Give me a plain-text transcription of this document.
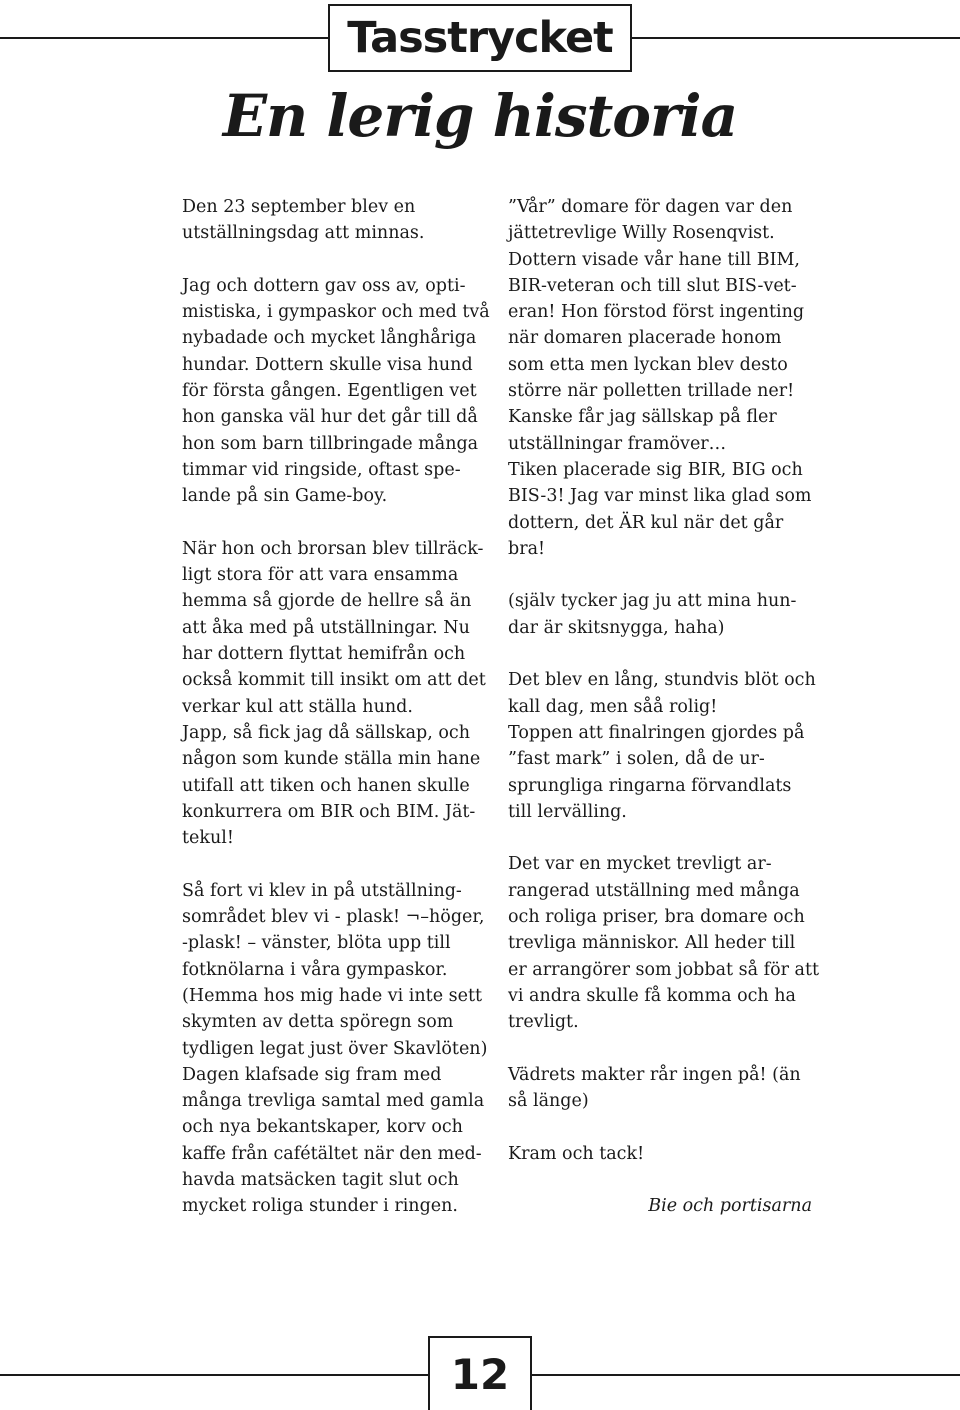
Tasstrycket
En lerig historia

Den 23 september blev en
utställningsdag att minnas.

Jag och dottern gav oss av, opti-
mistiska, i gympaskor och med två
nybadade och mycket långhåriga
hundar. Dottern skulle visa hund
för första gången. Egentligen vet
hon ganska väl hur det går till då
hon som barn tillbringade många
timmar vid ringside, oftast spe-
lande på sin Game-boy.

När hon och brorsan blev tillräck-
ligt stora för att vara ensamma
hemma så gjorde de hellre så än
att åka med på utställningar. Nu
har dottern flyttat hemifrån och
också kommit till insikt om att det
verkar kul att ställa hund.
Japp, så fick jag då sällskap, och
någon som kunde ställa min hane
utifall att tiken och hanen skulle
konkurrera om BIR och BIM. Jät-
tekul!

Så fort vi klev in på utställning-
sområdet blev vi - plask! ¬–höger,
-plask! – vänster, blöta upp till
fotknölarna i våra gympaskor.
(Hemma hos mig hade vi inte sett
skymten av detta spöregn som
tydligen legat just över Skavlöten)
Dagen klafsade sig fram med
många trevliga samtal med gamla
och nya bekantskaper, korv och
kaffe från cafétältet när den med-
havda matsäcken tagit slut och
mycket roliga stunder i ringen.

”Vår” domare för dagen var den
jättetrevlige Willy Rosenqvist.
Dottern visade vår hane till BIM,
BIR-veteran och till slut BIS-vet-
eran! Hon förstod först ingenting
när domaren placerade honom
som etta men lyckan blev desto
större när polletten trillade ner!
Kanske får jag sällskap på fler
utställningar framöver…
Tiken placerade sig BIR, BIG och
BIS-3! Jag var minst lika glad som
dottern, det ÄR kul när det går
bra!

(själv tycker jag ju att mina hun-
dar är skitsnygga, haha)

Det blev en lång, stundvis blöt och
kall dag, men såå rolig!
Toppen att finalringen gjordes på
”fast mark” i solen, då de ur-
sprungliga ringarna förvandlats
till lervälling.

Det var en mycket trevligt ar-
rangerad utställning med många
och roliga priser, bra domare och
trevliga människor. All heder till
er arrangörer som jobbat så för att
vi andra skulle få komma och ha
trevligt.

Vädrets makter rår ingen på! (än
så länge)

Kram och tack!

Bie och portisarna

12
